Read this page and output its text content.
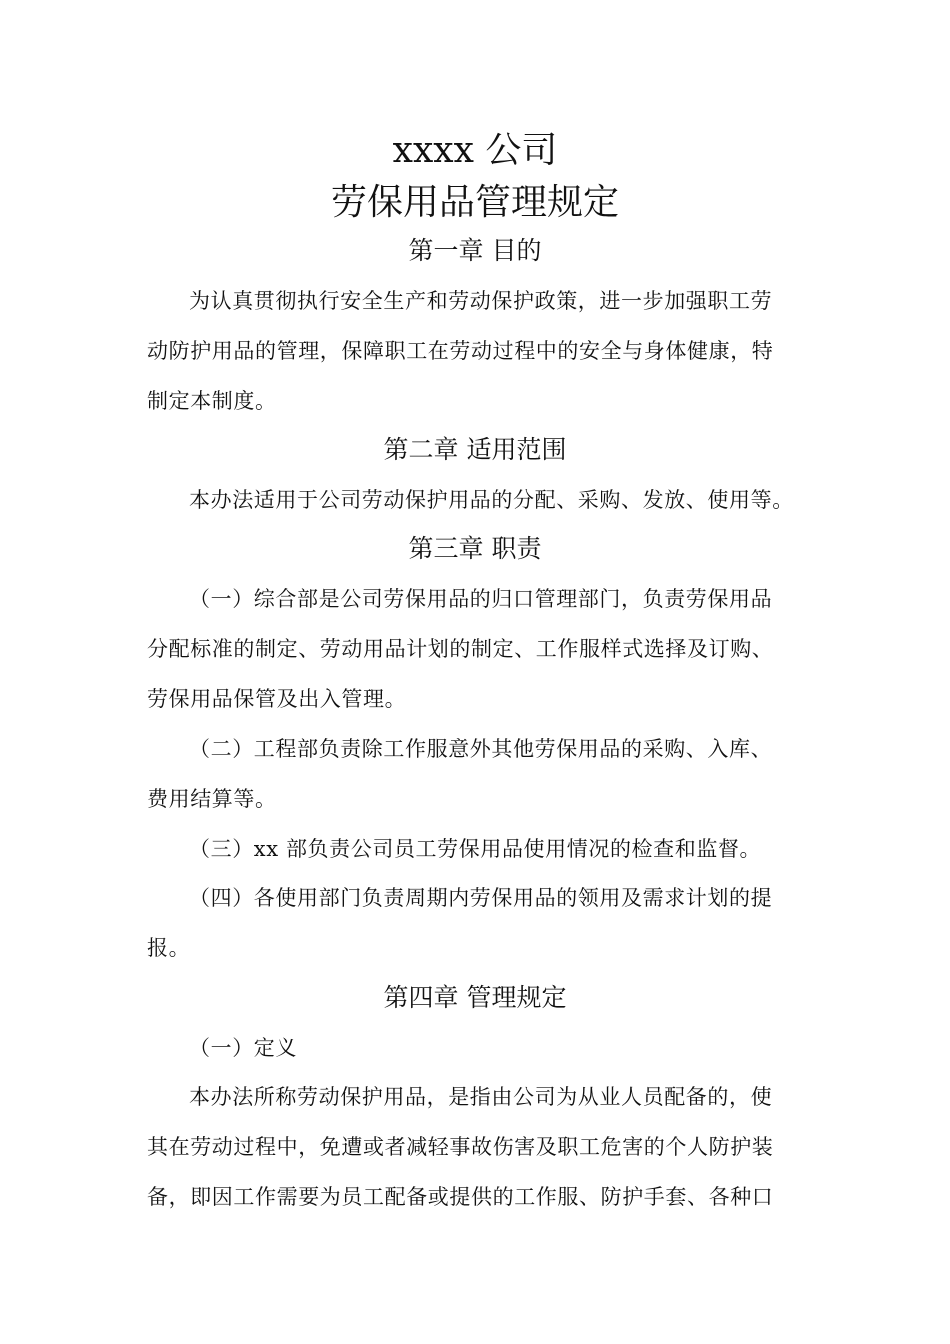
xxxx 公司
劳保用品管理规定
第一章 目的
为认真贯彻执行安全生产和劳动保护政策，进一步加强职工劳
动防护用品的管理，保障职工在劳动过程中的安全与身体健康，特
制定本制度。
第二章 适用范围
本办法适用于公司劳动保护用品的分配、采购、发放、使用等。
第三章 职责
（一）综合部是公司劳保用品的归口管理部门，负责劳保用品
分配标准的制定、劳动用品计划的制定、工作服样式选择及订购、
劳保用品保管及出入管理。
（二）工程部负责除工作服意外其他劳保用品的采购、入库、
费用结算等。
（三）xx 部负责公司员工劳保用品使用情况的检查和监督。
（四）各使用部门负责周期内劳保用品的领用及需求计划的提
报。
第四章 管理规定
（一）定义
本办法所称劳动保护用品，是指由公司为从业人员配备的，使
其在劳动过程中，免遭或者减轻事故伤害及职工危害的个人防护装
备，即因工作需要为员工配备或提供的工作服、防护手套、各种口
